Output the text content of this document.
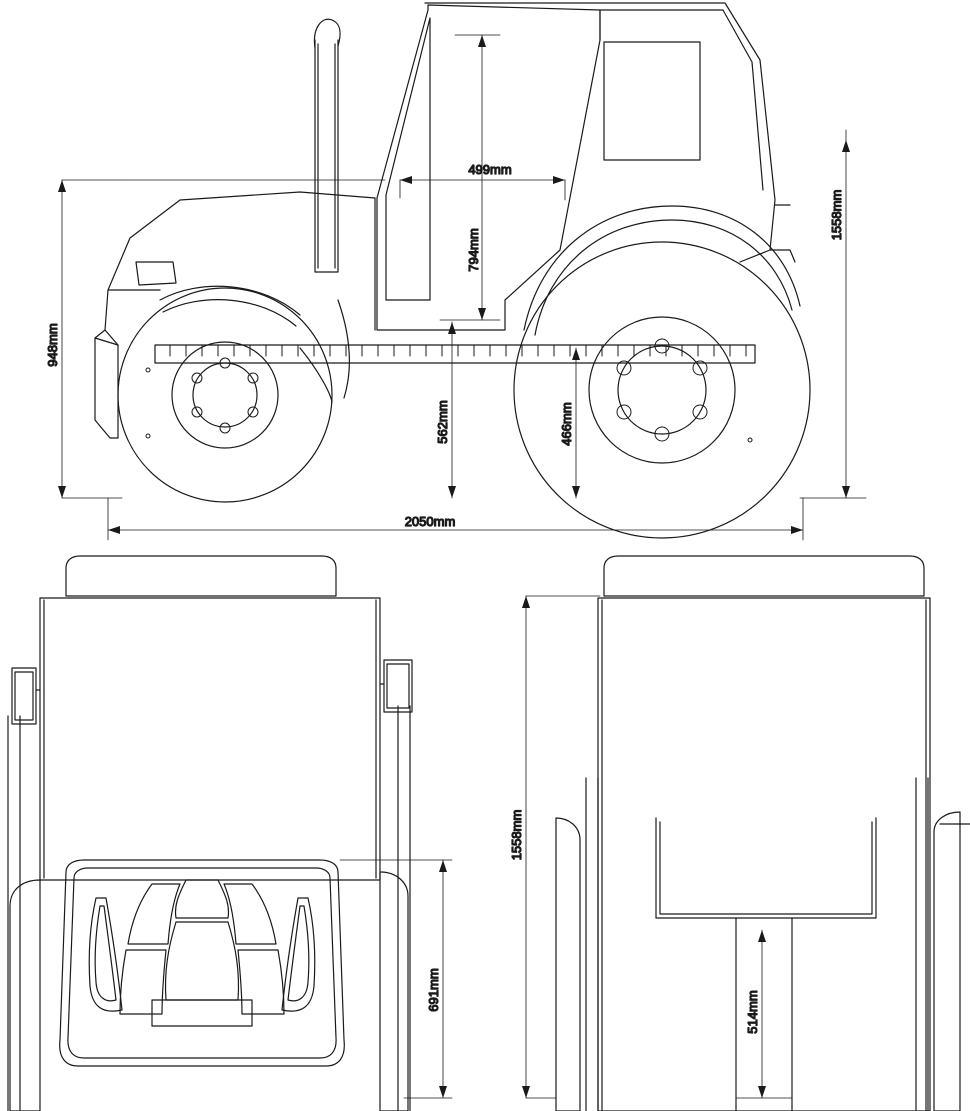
948mm
499mm
794mm
1558mm
562mm	466mm
2050mm
691mm
1558mm
514mm
